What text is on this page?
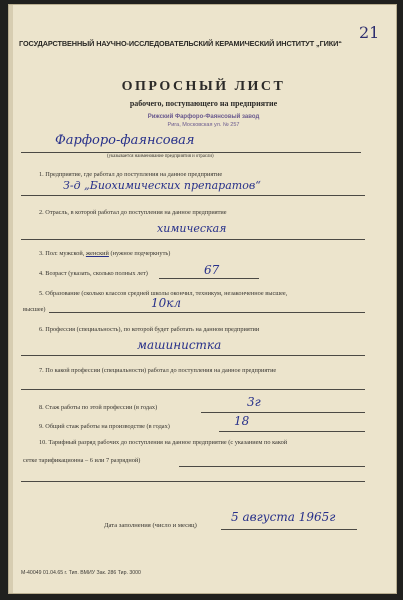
ГОСУДАРСТВЕННЫЙ НАУЧНО-ИССЛЕДОВАТЕЛЬСКИЙ КЕРАМИЧЕСКИЙ ИНСТИТУТ „ГИКИ“
21
ОПРОСНЫЙ ЛИСТ
рабочего, поступающего на предприятие
Рижский Фарфоро-Фаянсовый завод
Рига, Московская ул. № 257
Фарфоро-фаянсовая
(указывается наименование предприятия и отрасли)
1. Предприятие, где работал до поступления на данное предприятие
З-д „Биохимических препаратов“
2. Отрасль, в которой работал до поступления на данное предприятие
химическая
3. Пол: мужской, женский (нужное подчеркнуть)
4. Возраст (указать, сколько полных лет)	67
5. Образование (сколько классов средней школы окончил, техникум, незаконченное высшее,
высшее)	10кл
6. Профессия (специальность), по которой будет работать на данном предприятии
машинистка
7. По какой профессии (специальности) работал до поступления на данное предприятие
8. Стаж работы по этой профессии (в годах)	3г
9. Общий стаж работы на производстве (в годах)	18
10. Тарифный разряд рабочих до поступления на данное предприятие (с указанием по какой
сетке тарификационна – 6 или 7 разрядной)
Дата заполнения (число и месяц)
5 августа 1965г
М-40049 01.04.65 г. Тип. ВМИУ Зак. 286 Тир. 3000
